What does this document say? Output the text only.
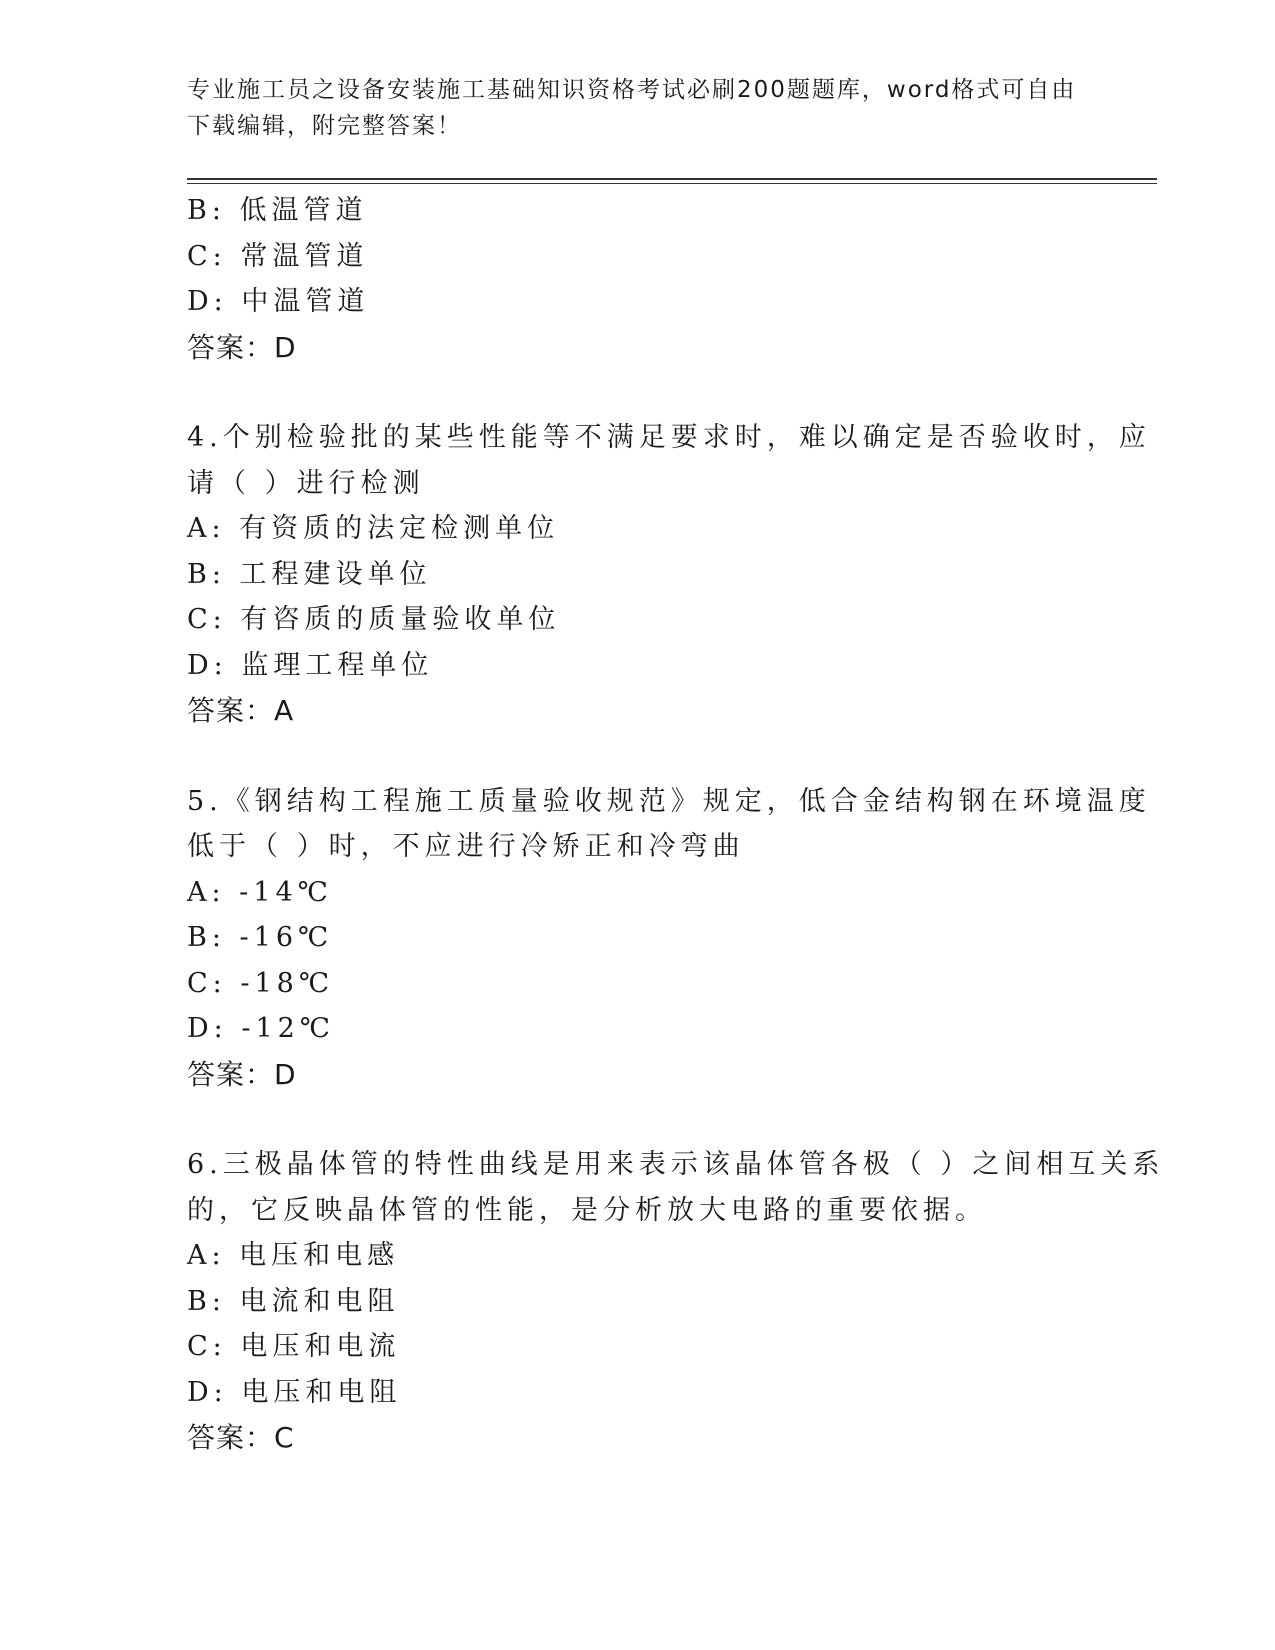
专业施工员之设备安装施工基础知识资格考试必刷200题题库，word格式可自由下载编辑，附完整答案！
B: 低温管道
C: 常温管道
D: 中温管道
答案：D
4.个别检验批的某些性能等不满足要求时，难以确定是否验收时，应
请（ ）进行检测
A: 有资质的法定检测单位
B: 工程建设单位
C: 有咨质的质量验收单位
D: 监理工程单位
答案：A
5.《钢结构工程施工质量验收规范》规定，低合金结构钢在环境温度
低于（ ）时，不应进行冷矫正和冷弯曲
A: -14℃
B: -16℃
C: -18℃
D: -12℃
答案：D
6.三极晶体管的特性曲线是用来表示该晶体管各极（ ）之间相互关系
的，它反映晶体管的性能，是分析放大电路的重要依据。
A: 电压和电感
B: 电流和电阻
C: 电压和电流
D: 电压和电阻
答案：C
